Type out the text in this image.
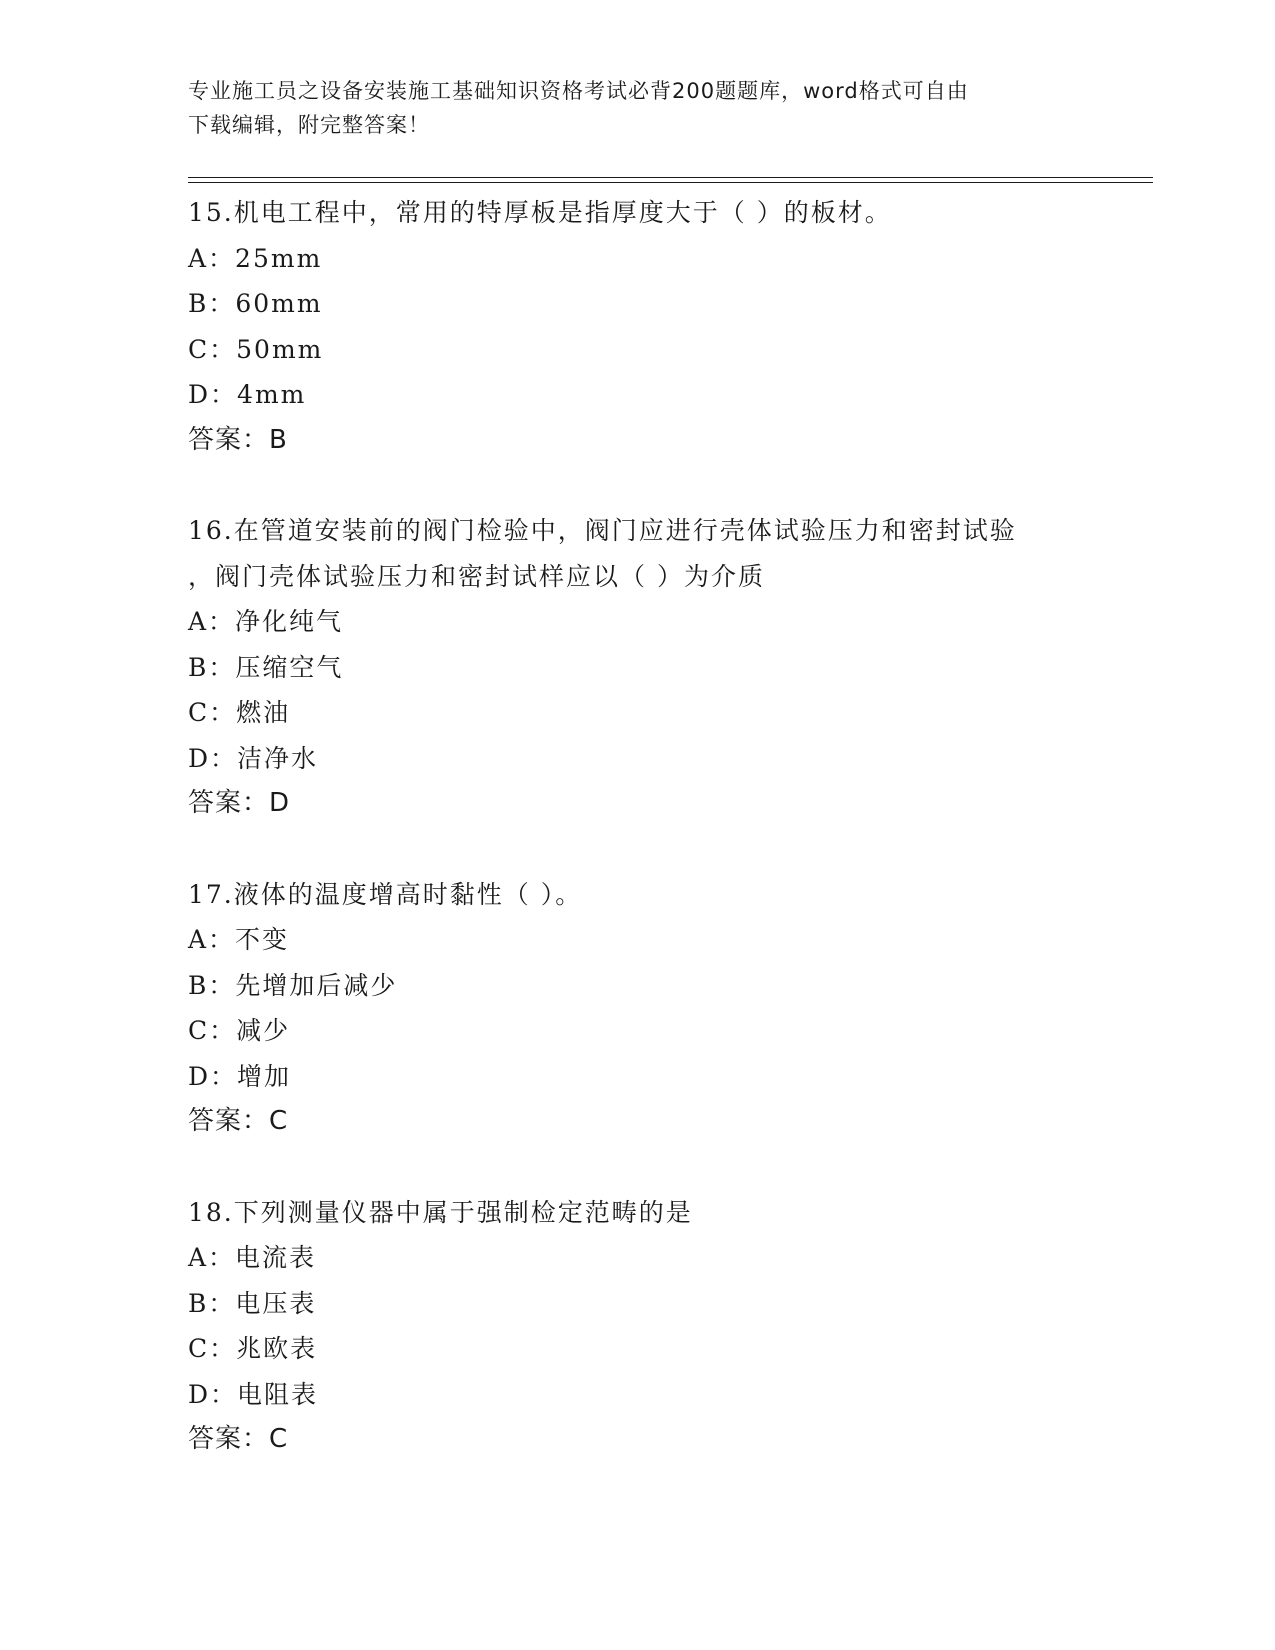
专业施工员之设备安装施工基础知识资格考试必背200题题库，word格式可自由
下载编辑，附完整答案！
15.机电工程中，常用的特厚板是指厚度大于（ ）的板材。
A：25mm
B：60mm
C：50mm
D：4mm
答案：B
16.在管道安装前的阀门检验中，阀门应进行壳体试验压力和密封试验
，阀门壳体试验压力和密封试样应以（ ）为介质
A：净化纯气
B：压缩空气
C：燃油
D：洁净水
答案：D
17.液体的温度增高时黏性（ ）。
A：不变
B：先增加后减少
C：减少
D：增加
答案：C
18.下列测量仪器中属于强制检定范畴的是
A：电流表
B：电压表
C：兆欧表
D：电阻表
答案：C
